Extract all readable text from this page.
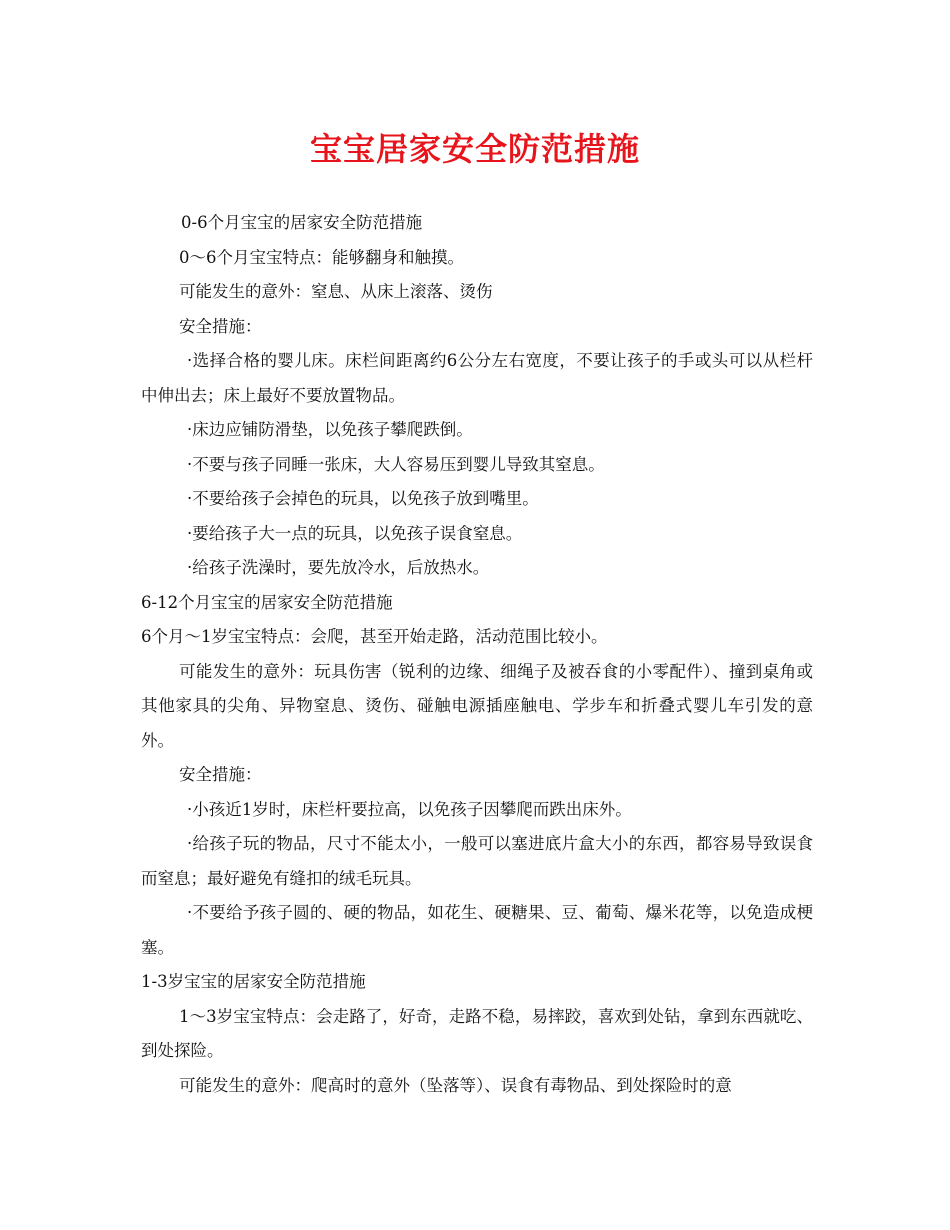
宝宝居家安全防范措施

0-6个月宝宝的居家安全防范措施

0～6个月宝宝特点：能够翻身和触摸。

可能发生的意外：窒息、从床上滚落、烫伤

安全措施：

·选择合格的婴儿床。床栏间距离约6公分左右宽度，不要让孩子的手或头可以从栏杆中伸出去；床上最好不要放置物品。

·床边应铺防滑垫，以免孩子攀爬跌倒。

·不要与孩子同睡一张床，大人容易压到婴儿导致其窒息。

·不要给孩子会掉色的玩具，以免孩子放到嘴里。

·要给孩子大一点的玩具，以免孩子误食窒息。

·给孩子洗澡时，要先放冷水，后放热水。

6-12个月宝宝的居家安全防范措施

6个月～1岁宝宝特点：会爬，甚至开始走路，活动范围比较小。

可能发生的意外：玩具伤害（锐利的边缘、细绳子及被吞食的小零配件）、撞到桌角或其他家具的尖角、异物窒息、烫伤、碰触电源插座触电、学步车和折叠式婴儿车引发的意外。

安全措施：

·小孩近1岁时，床栏杆要拉高，以免孩子因攀爬而跌出床外。

·给孩子玩的物品，尺寸不能太小，一般可以塞进底片盒大小的东西，都容易导致误食而窒息；最好避免有缝扣的绒毛玩具。

·不要给予孩子圆的、硬的物品，如花生、硬糖果、豆、葡萄、爆米花等，以免造成梗塞。

1-3岁宝宝的居家安全防范措施

1～3岁宝宝特点：会走路了，好奇，走路不稳，易摔跤，喜欢到处钻，拿到东西就吃、到处探险。

可能发生的意外：爬高时的意外（坠落等）、误食有毒物品、到处探险时的意
